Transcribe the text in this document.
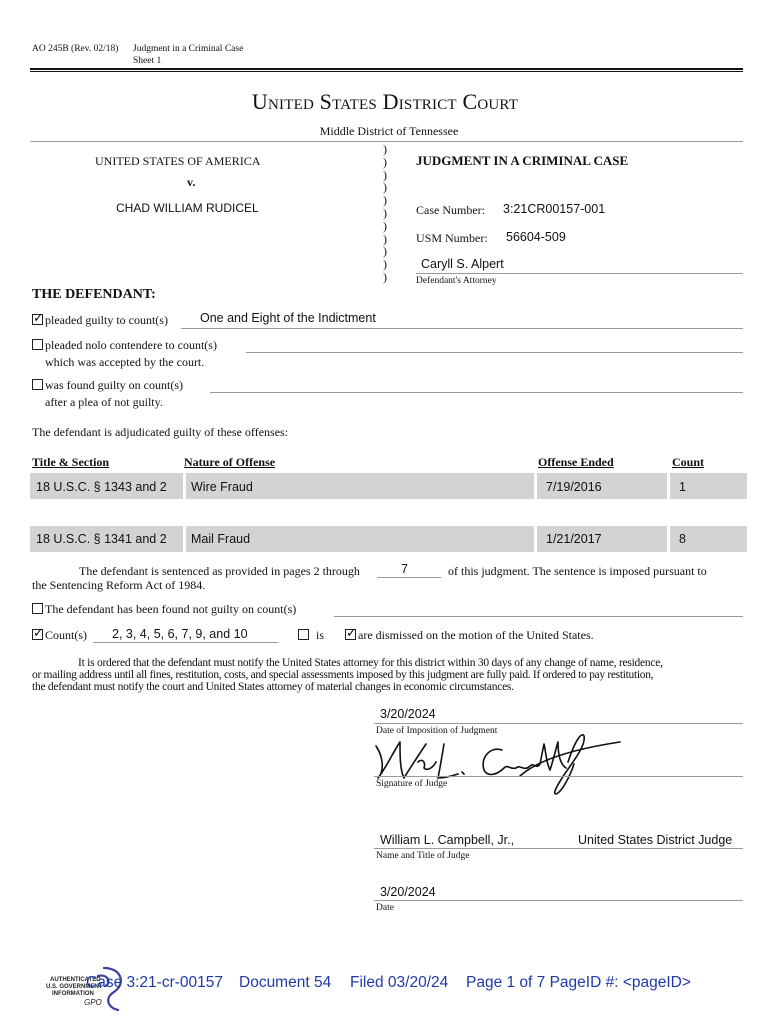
AO 245B (Rev. 02/18) Judgment in a Criminal Case
Sheet 1
United States District Court
Middle District of Tennessee
)
)
)
)
)
)
)
)
)
)
)
UNITED STATES OF AMERICA
v.
CHAD WILLIAM RUDICEL
JUDGMENT IN A CRIMINAL CASE
Case Number: 3:21CR00157-001
USM Number: 56604-509
Caryll S. Alpert
Defendant's Attorney
THE DEFENDANT:
✓pleaded guilty to count(s)	One and Eight of the Indictment
pleaded nolo contendere to count(s)
which was accepted by the court.
was found guilty on count(s)
after a plea of not guilty.
The defendant is adjudicated guilty of these offenses:
Title & Section	Nature of Offense	Offense Ended	Count
18 U.S.C. § 1343 and 2 Wire Fraud	7/19/2016	1
18 U.S.C. § 1341 and 2 Mail Fraud	1/21/2017	8
The defendant is sentenced as provided in pages 2 through	7	of this judgment. The sentence is imposed pursuant to
the Sentencing Reform Act of 1984.
The defendant has been found not guilty on count(s)
✓Count(s) 2, 3, 4, 5, 6, 7, 9, and 10	is
✓	are dismissed on the motion of the United States.
It is ordered that the defendant must notify the United States attorney for this district within 30 days of any change of name, residence,
or mailing address until all fines, restitution, costs, and special assessments imposed by this judgment are fully paid. If ordered to pay restitution,
the defendant must notify the court and United States attorney of material changes in economic circumstances.
3/20/2024
Date of Imposition of Judgment
Signature of Judge
William L. Campbell, Jr.,	United States District Judge
Name and Title of Judge
3/20/2024
Date
AUTHENTICATED
U.S. GOVERNMENT
INFORMATION
GPO
Case 3:21-cr-00157 Document 54 Filed 03/20/24 Page 1 of 7 PageID #: <pageID>
